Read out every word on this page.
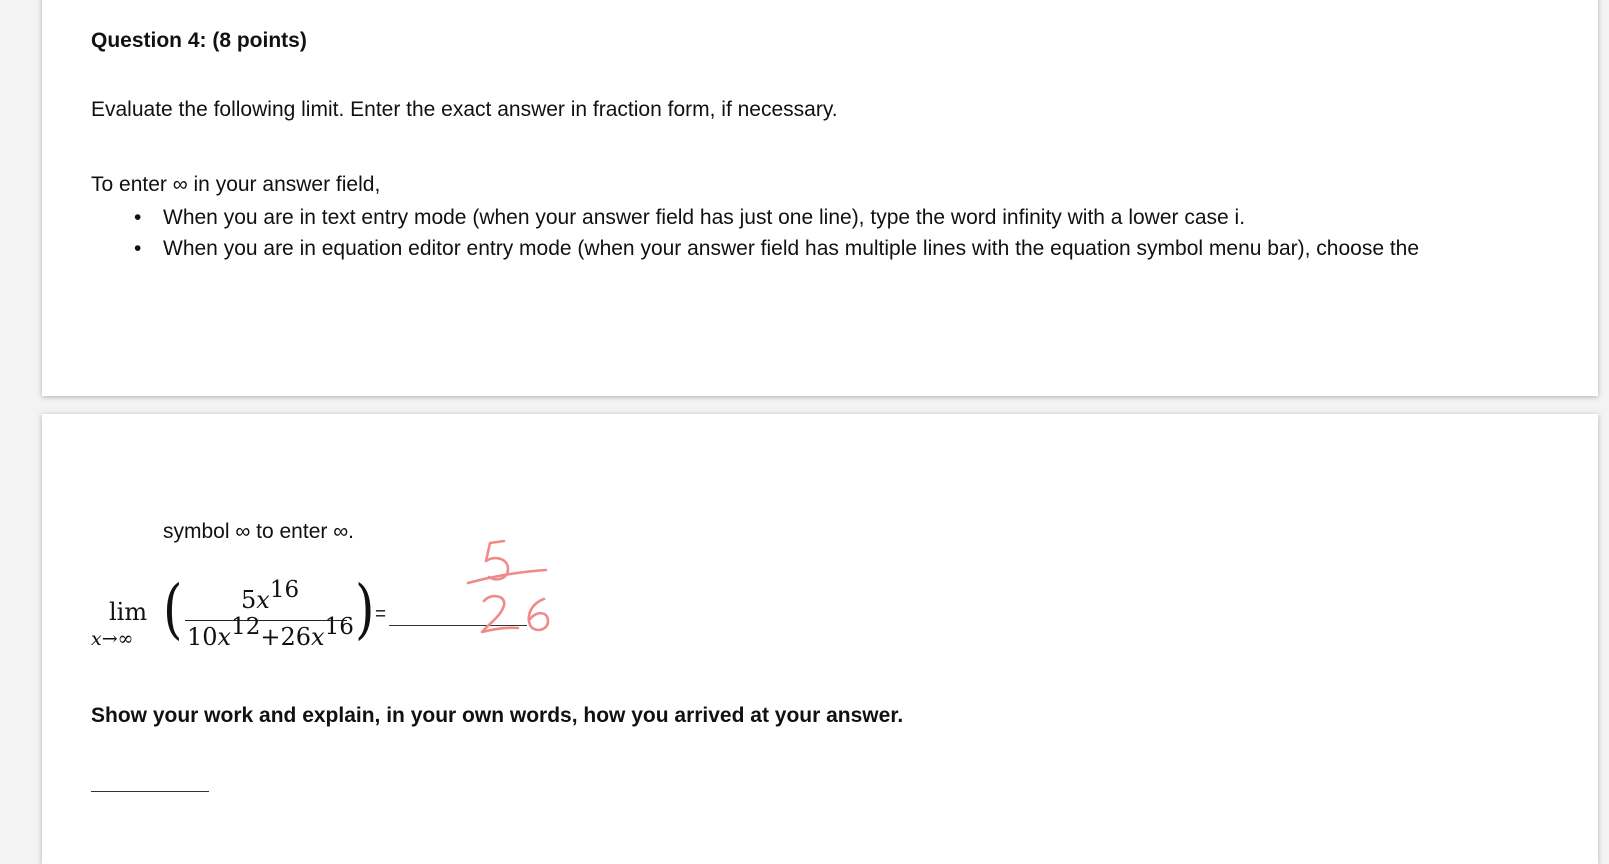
Question 4: (8 points)
Evaluate the following limit. Enter the exact answer in fraction form, if necessary.
To enter ∞ in your answer field,
• When you are in text entry mode (when your answer field has just one line), type the word infinity with a lower case i.
• When you are in equation editor entry mode (when your answer field has multiple lines with the equation symbol menu bar), choose the
symbol ∞ to enter ∞.
lim
x→∞ ( $5x^{16}$
$10x^{12}+26x^{16}$ ) =
Show your work and explain, in your own words, how you arrived at your answer.
